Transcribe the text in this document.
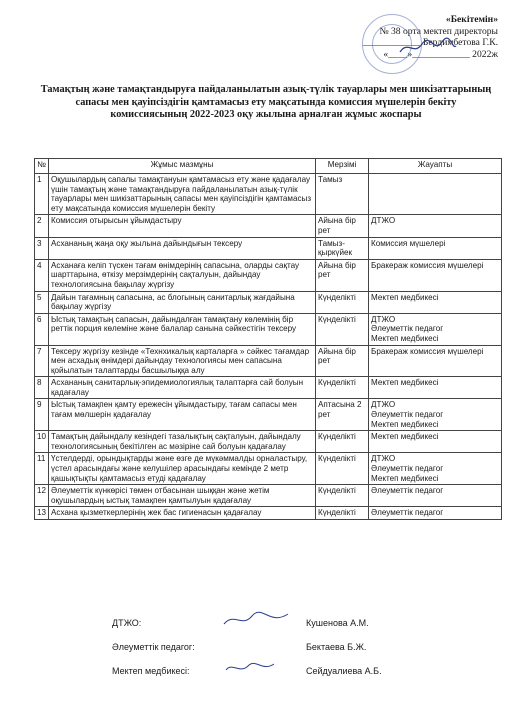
«Бекітемін»
№ 38 орта мектеп директоры
____________ Бердимбетова Г.К.
«____»____________ 2022ж
Тамақтың және тамақтандыруға пайдаланылатын азық-түлік тауарлары мен шикізаттарының сапасы мен қауіпсіздігін қамтамасыз ету мақсатында комиссия мүшелерін бекіту комиссиясының 2022-2023 оқу жылына арналған жұмыс жоспары
№	Жұмыс мазмұны	Мерзімі	Жауапты
1	Оқушылардың сапалы тамақтануын қамтамасыз ету және қадағалау үшін тамақтың және тамақтандыруға пайдаланылатын азық-түлік тауарлары мен шикізаттарының сапасы мен қауіпсіздігін қамтамасыз ету мақсатында комиссия мүшелерін бекіту	Тамыз	
2	Комиссия отырысын ұйымдастыру	Айына бір рет	ДТЖО
3	Асхананың жаңа оқу жылына дайындығын тексеру	Тамыз-қыркүйек	Комиссия мүшелері
4	Асханаға келіп түскен тағам өнімдерінің сапасына, оларды сақтау шарттарына, өткізу мерзімдерінің сақталуын, дайындау технологиясына бақылау жүргізу	Айына бір рет	Бракераж комиссия мүшелері
5	Дайын тағамның сапасына, ас блогының санитарлық жағдайына бақылау жүргізу	Күнделікті	Мектеп медбикесі
6	Ыстық тамақтың сапасын, дайындалған тамақтану көлемінің бір реттік порция көлеміне және балалар санына сәйкестігін тексеру	Күнделікті	ДТЖО
Әлеуметтік педагог
Мектеп медбикесі
7	Тексеру жүргізу кезінде «Технхикалық карталарға » сәйкес тағамдар мен асхадық өнімдері дайындау технологиясы мен сапасына қойылатын талаптарды басшылыққа алу	Айына бір рет	Бракераж комиссия мүшелері
8	Асхананың санитарлық-эпидемиологиялық талаптарға сай болуын қадағалау	Күнделікті	Мектеп медбикесі
9	Ыстық тамақпен қамту ережесін ұйымдастыру, тағам сапасы мен тағам мөлшерін қадағалау	Аптасына 2 рет	ДТЖО
Әлеуметтік педагог
Мектеп медбикесі
10	Тамақтың дайындалу кезіндегі тазалықтың сақталуын, дайындалу технологиясының бекітілген ас мәзіріне сай болуын қадағалау	Күнделікті	Мектеп медбикесі
11	Үстелдерді, орындықтарды және өзге де мүкәммалды орналастыру, үстел арасындағы және келушілер арасындағы кемінде 2 метр қашықтықты қамтамасыз етуді қадағалау	Күнделікті	ДТЖО
Әлеуметтік педагог
Мектеп медбикесі
12	Әлеуметтік күнкөрісі төмен отбасынан шыққан және жетім оқушылардың ыстық тамақпен қамтылуын қадағалау	Күнделікті	Әлеуметтік педагог
13	Асхана қызметкерлерінің жек бас гигиенасын қадағалау	Күнделікті	Әлеуметтік педагог
ДТЖО:	Кушенова А.М.
Әлеуметтік педагог:	Бектаева Б.Ж.
Мектеп медбикесі:	Сейдуалиева А.Б.
